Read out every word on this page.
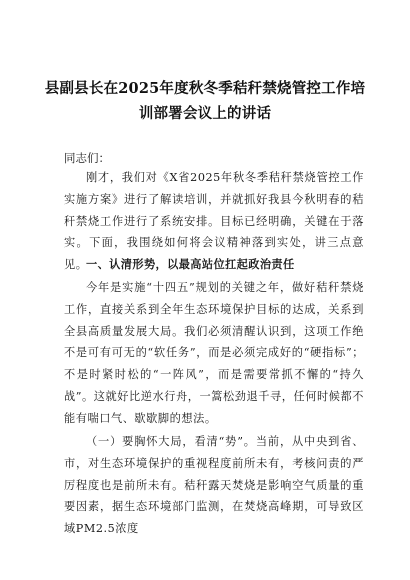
县副县长在2025年度秋冬季秸秆禁烧管控工作培
训部署会议上的讲话
同志们：

刚才，我们对《X省2025年秋冬季秸秆禁烧管控工作实施方案》进行了解读培训，并就抓好我县今秋明春的秸秆禁烧工作进行了系统安排。目标已经明确，关键在于落实。下面，我围绕如何将会议精神落到实处，讲三点意见。

一、认清形势，以最高站位扛起政治责任

今年是实施“十四五”规划的关键之年，做好秸秆禁烧工作，直接关系到全年生态环境保护目标的达成，关系到全县高质量发展大局。我们必须清醒认识到，这项工作绝不是可有可无的“软任务”，而是必须完成好的“硬指标”；不是时紧时松的“一阵风”，而是需要常抓不懈的“持久战”。这就好比逆水行舟，一篙松劲退千寻，任何时候都不能有喘口气、歇歇脚的想法。

（一）要胸怀大局，看清“势”。当前，从中央到省、市，对生态环境保护的重视程度前所未有，考核问责的严厉程度也是前所未有。秸秆露天焚烧是影响空气质量的重要因素，据生态环境部门监测，在焚烧高峰期，可导致区域PM2.5浓度
